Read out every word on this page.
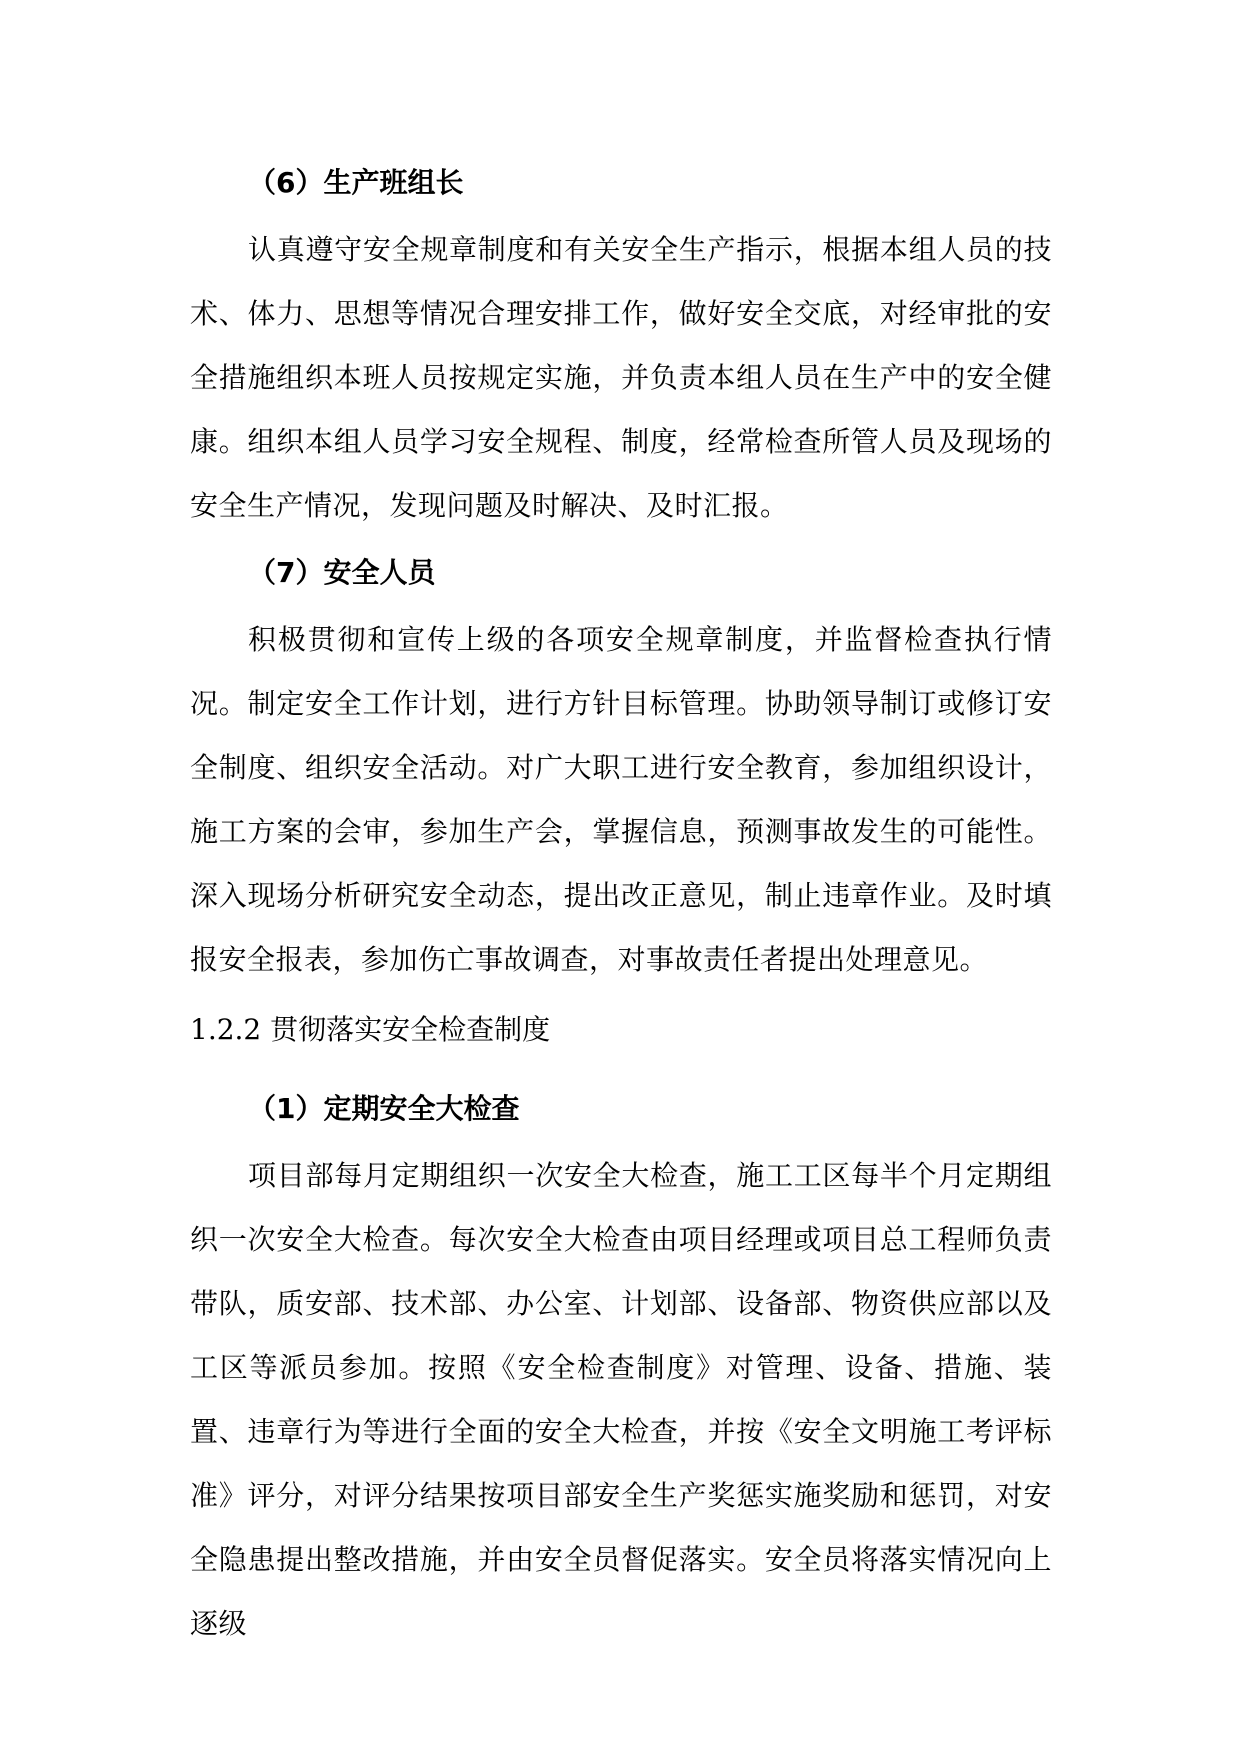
（6）生产班组长

认真遵守安全规章制度和有关安全生产指示，根据本组人员的技术、体力、思想等情况合理安排工作，做好安全交底，对经审批的安全措施组织本班人员按规定实施，并负责本组人员在生产中的安全健康。组织本组人员学习安全规程、制度，经常检查所管人员及现场的安全生产情况，发现问题及时解决、及时汇报。

（7）安全人员

积极贯彻和宣传上级的各项安全规章制度，并监督检查执行情况。制定安全工作计划，进行方针目标管理。协助领导制订或修订安全制度、组织安全活动。对广大职工进行安全教育，参加组织设计，施工方案的会审，参加生产会，掌握信息，预测事故发生的可能性。深入现场分析研究安全动态，提出改正意见，制止违章作业。及时填报安全报表，参加伤亡事故调查，对事故责任者提出处理意见。

1.2.2 贯彻落实安全检查制度
（1）定期安全大检查

项目部每月定期组织一次安全大检查，施工工区每半个月定期组织一次安全大检查。每次安全大检查由项目经理或项目总工程师负责带队，质安部、技术部、办公室、计划部、设备部、物资供应部以及工区等派员参加。按照《安全检查制度》对管理、设备、措施、装置、违章行为等进行全面的安全大检查，并按《安全文明施工考评标准》评分，对评分结果按项目部安全生产奖惩实施奖励和惩罚，对安全隐患提出整改措施，并由安全员督促落实。安全员将落实情况向上逐级
